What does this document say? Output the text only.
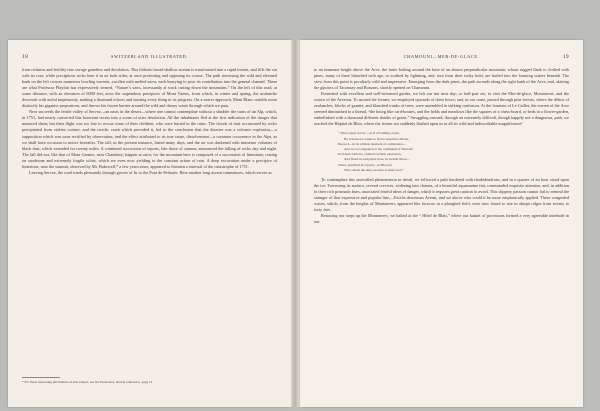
18	SWITZERLAND ILLUSTRATED.

from richness and fertility into savage grandeur and desolation. This hitherto broad shallow stream is transformed into a rapid torrent, and fills the car with its roar; while precipitous rocks hem it in on both sides, at once protecting and opposing its course. The path traversing the wild and elevated bank on the left crosses numerous howling torrents, swollen with melted snow, each hurrying to pour its contribution into the general channel. These are what Professor Playfair has expressively termed, “Nature’s saws, incessantly at work cutting down the mountains.” On the left of this road, at some distance, with an elevation of 6000 feet, arise the stupendous precipices of Mont Varens, from which, in winter and spring, the avalanche descends with awful impetuosity, making a thousand echoes and wasting every thing in its progress. On a nearer approach, Mont Blanc unfolds more distinctly his gigantic proportions, and throws his frozen barrier around the wild and dreary waste through which we pass.

Next succeeds the fertile valley of Servoz—an oasis in the desert—where one cannot contemplate without a shudder the ruins of an Alp, which, in 1751, had nearly converted this luxuriant recess into a scene of utter desolation. All the inhabitants fled at the first indication of the danger that menaced them; but their flight was too late to rescue some of their children, who were buried in the ruins. The clouds of dust occasioned by rocks precipitated from violent contact, and the terrific crash which preceded it, led to the conclusion that the disaster was a volcanic explosion,—a supposition which was soon rectified by observation; and the effect attributed to its true cause, dissolvement—a common occurrence in the Alps, as we shall have occasion to notice hereafter. The fall, in the present instance, lasted many days; and the air was darkened with immense volumes of black dust, which extended for twenty miles. A continued succession of reports, like those of cannon, announced the falling of rocks day and night. The fall did not, like that of Mont Grenier, near Chambery, happen at once; for the mountain here is composed of a succession of limestone, resting on sandstone and extremely fragile schist, which are even now yielding to the constant action of rain. A deep excavation under a precipice of limestone, near the summit, observed by Mr. Bakewell,* a few years since, appeared to threaten a renewal of the catastrophe of 1751.

Leaving Servoz, the road winds pleasantly through groves of fir to the Pont de Pelissier. Here another long ascent commences, which serves as

* For much interesting information on this subject, see his Excursions, already referred to, page 13.
CHAMOUNI—MER-DE-GLACE.	19

to an immense height above the Arve, the latter boiling around the base of an almost perpendicular mountain, whose rugged flank is clothed with pines, many of these blanched with age, or scathed by lightning, and, torn from their rocky hold, are hurled into the foaming waters beneath. The view from this point is peculiarly wild and impressive. Emerging from the dark pines, the path ascends along the right bank of the Arve, and, skirting the glaciers of Taconnay and Bossons, shortly opened on Chamouni.

Furnished with excellent and well-informed guides, we left our inn next day; or half-past six, to visit the Mer-de-glace, Montanvert, and the source of the Arveron. To ascend the former, we employed upwards of three hours; and, in our route, passed through pine forests, where the débris of avalanches, blocks of granite, and blanched trunks of trees, were assembled in striking confusion. At the fountain of Le Caillet, the torrent of the Arve seemed diminished to a thread, “the bourg like card-houses, and the fields and meadows like the squares of a chess-board, or beds in a flower-garden, embellished with a thousand different shades of green.” Struggling onward, through an extremely difficult, though happily not a dangerous, path, we reached the Hôpital de Blair, where the frozen sea suddenly flashed upon us in all its wild and indescribable magnificence!

“ Wave upon wave!—as if a foaming ocean,
By boisterous winds to fierce rebellion driven,
Heaved—in its wildest moment of commotion—
And stood congealed at the command of Heaven!
Its frantic billows, chained at their explosion,
And fixed in sculpture! here, in eternal throe—
There, petrified in crystal—at His nod
Who raised the Alps an altar to their God.”

To contemplate this unrivalled phenomenon in detail, we followed a path bordered with rhododendrons, and in a quarter of an hour stood upon the ice. Traversing its surface, several crevices, widening into chasms, of a beautiful aquamarine tint, commanded exquisite attention, and, in addition to their rich prismatic hues, associated fearful ideas of danger, which it requires great caution to avoid. This slippery passion cannot fail to remind the stranger of that expressive and popular line,—Facilis descensus Averni, and we above who could it be more emphatically applied. These congealed waves, which, from the heights of Montanvert, appeared like furrows in a ploughed field, were now found to rise in abrupt ridges from twenty to forty feet.

Retracing our steps up the Montanvert, we halted at the “ Hôtel de Blair,” where our basket of provisions formed a very agreeable interlude in our
